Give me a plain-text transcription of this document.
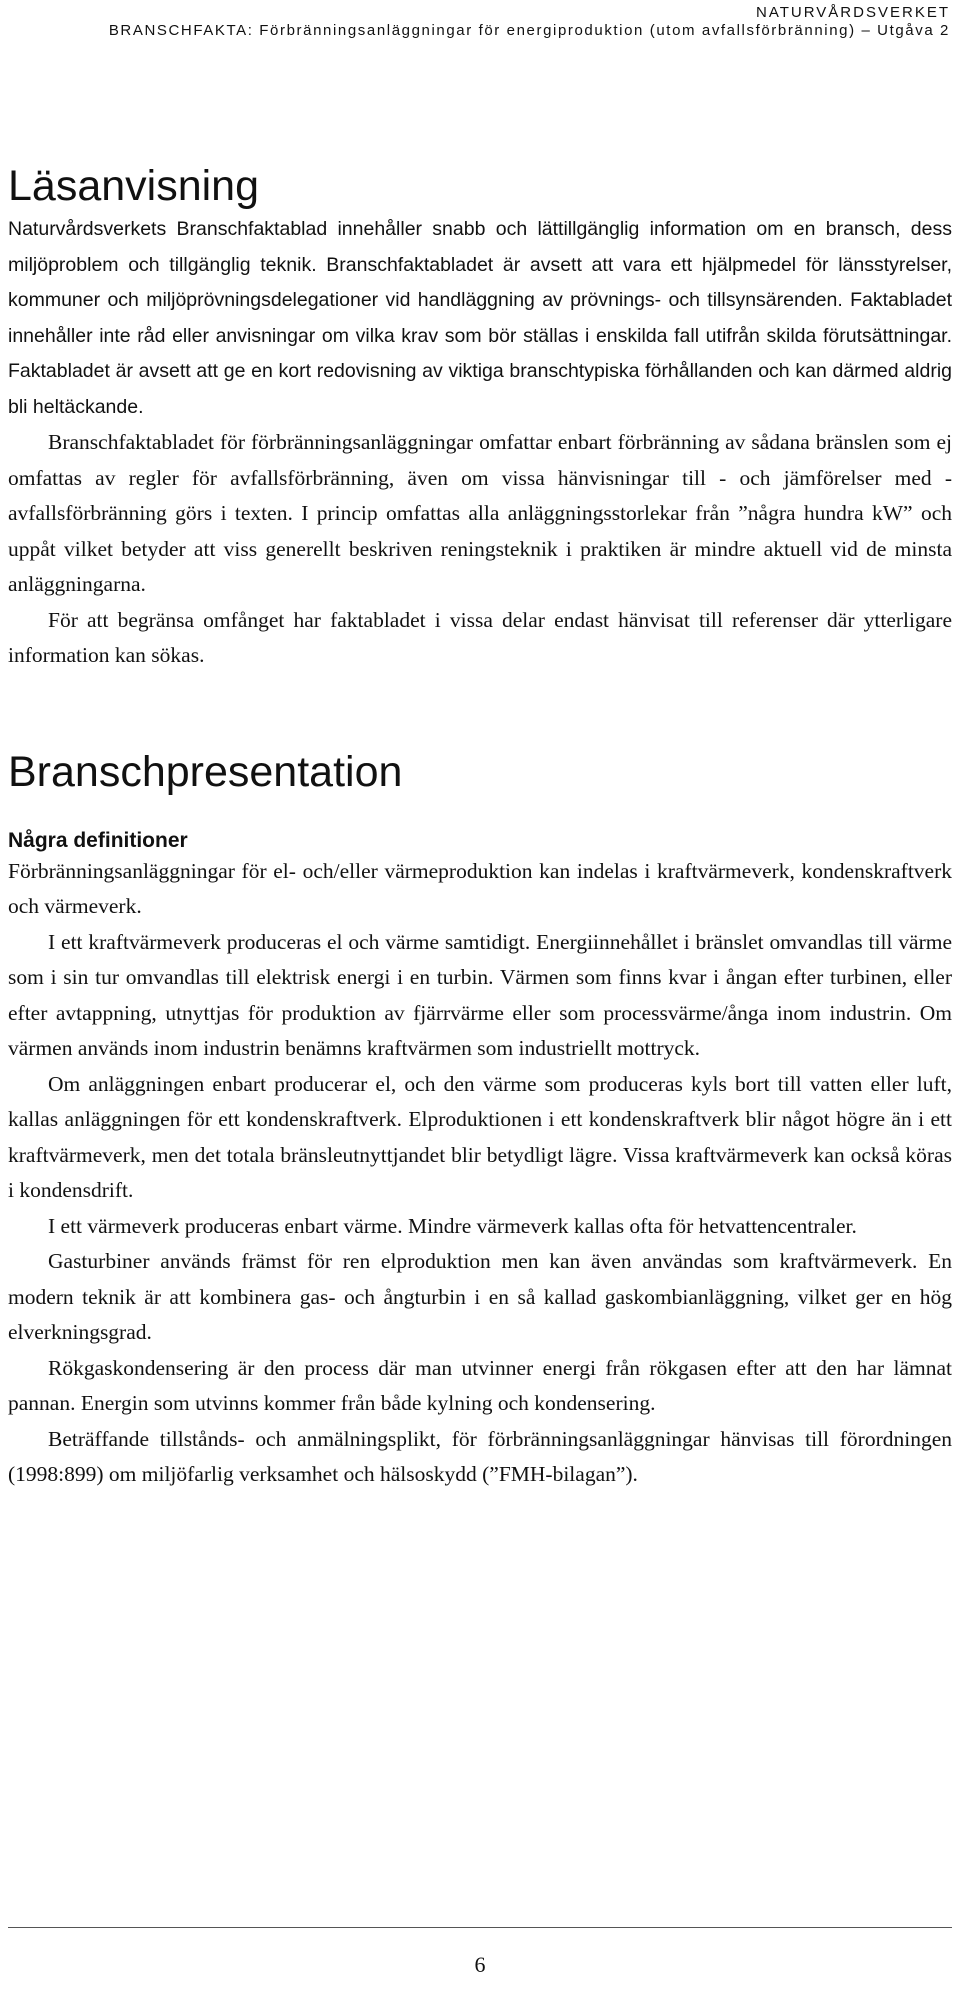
NATURVÅRDSVERKET
BRANSCHFAKTA: Förbränningsanläggningar för energiproduktion (utom avfallsförbränning) – Utgåva 2
Läsanvisning

Naturvårdsverkets Branschfaktablad innehåller snabb och lättillgänglig information om en bransch, dess miljöproblem och tillgänglig teknik. Branschfaktabladet är avsett att vara ett hjälpmedel för länsstyrelser, kommuner och miljöprövningsdelegationer vid handläggning av prövnings- och tillsynsärenden. Faktabladet innehåller inte råd eller anvisningar om vilka krav som bör ställas i enskilda fall utifrån skilda förutsättningar. Faktabladet är avsett att ge en kort redovisning av viktiga branschtypiska förhållanden och kan därmed aldrig bli heltäckande.

Branschfaktabladet för förbränningsanläggningar omfattar enbart förbränning av sådana bränslen som ej omfattas av regler för avfallsförbränning, även om vissa hänvisningar till - och jämförelser med - avfallsförbränning görs i texten. I princip omfattas alla anläggningsstorlekar från ”några hundra kW” och uppåt vilket betyder att viss generellt beskriven reningsteknik i praktiken är mindre aktuell vid de minsta anläggningarna.

För att begränsa omfånget har faktabladet i vissa delar endast hänvisat till referenser där ytterligare information kan sökas.

Branschpresentation
Några definitioner

Förbränningsanläggningar för el- och/eller värmeproduktion kan indelas i kraftvärmeverk, kondenskraftverk och värmeverk.

I ett kraftvärmeverk produceras el och värme samtidigt. Energiinnehållet i bränslet omvandlas till värme som i sin tur omvandlas till elektrisk energi i en turbin. Värmen som finns kvar i ångan efter turbinen, eller efter avtappning, utnyttjas för produktion av fjärrvärme eller som processvärme/ånga inom industrin. Om värmen används inom industrin benämns kraftvärmen som industriellt mottryck.

Om anläggningen enbart producerar el, och den värme som produceras kyls bort till vatten eller luft, kallas anläggningen för ett kondenskraftverk. Elproduktionen i ett kondenskraftverk blir något högre än i ett kraftvärmeverk, men det totala bränsleutnyttjandet blir betydligt lägre. Vissa kraftvärmeverk kan också köras i kondensdrift.

I ett värmeverk produceras enbart värme. Mindre värmeverk kallas ofta för hetvattencentraler.

Gasturbiner används främst för ren elproduktion men kan även användas som kraftvärmeverk. En modern teknik är att kombinera gas- och ångturbin i en så kallad gaskombianläggning, vilket ger en hög elverkningsgrad.

Rökgaskondensering är den process där man utvinner energi från rökgasen efter att den har lämnat pannan. Energin som utvinns kommer från både kylning och kondensering.

Beträffande tillstånds- och anmälningsplikt, för förbränningsanläggningar hänvisas till förordningen (1998:899) om miljöfarlig verksamhet och hälsoskydd (”FMH-bilagan”).

6
